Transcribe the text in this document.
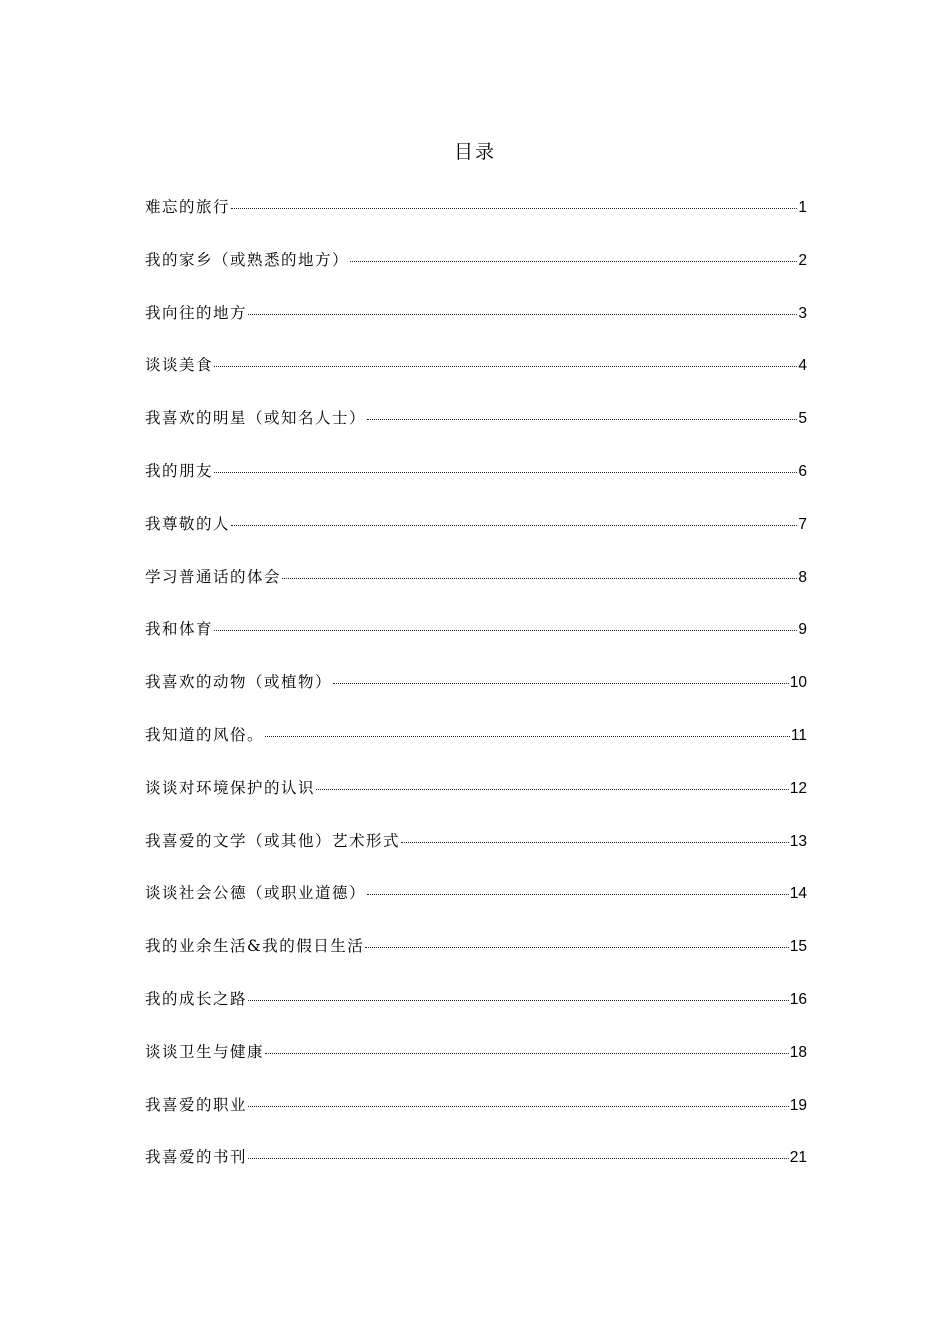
目录
难忘的旅行	1
我的家乡（或熟悉的地方）	2
我向往的地方	3
谈谈美食	4
我喜欢的明星（或知名人士）	5
我的朋友	6
我尊敬的人	7
学习普通话的体会	8
我和体育	9
我喜欢的动物（或植物）	10
我知道的风俗。	11
谈谈对环境保护的认识	12
我喜爱的文学（或其他）艺术形式	13
谈谈社会公德（或职业道德）	14
我的业余生活&我的假日生活	15
我的成长之路	16
谈谈卫生与健康	18
我喜爱的职业	19
我喜爱的书刊	21
